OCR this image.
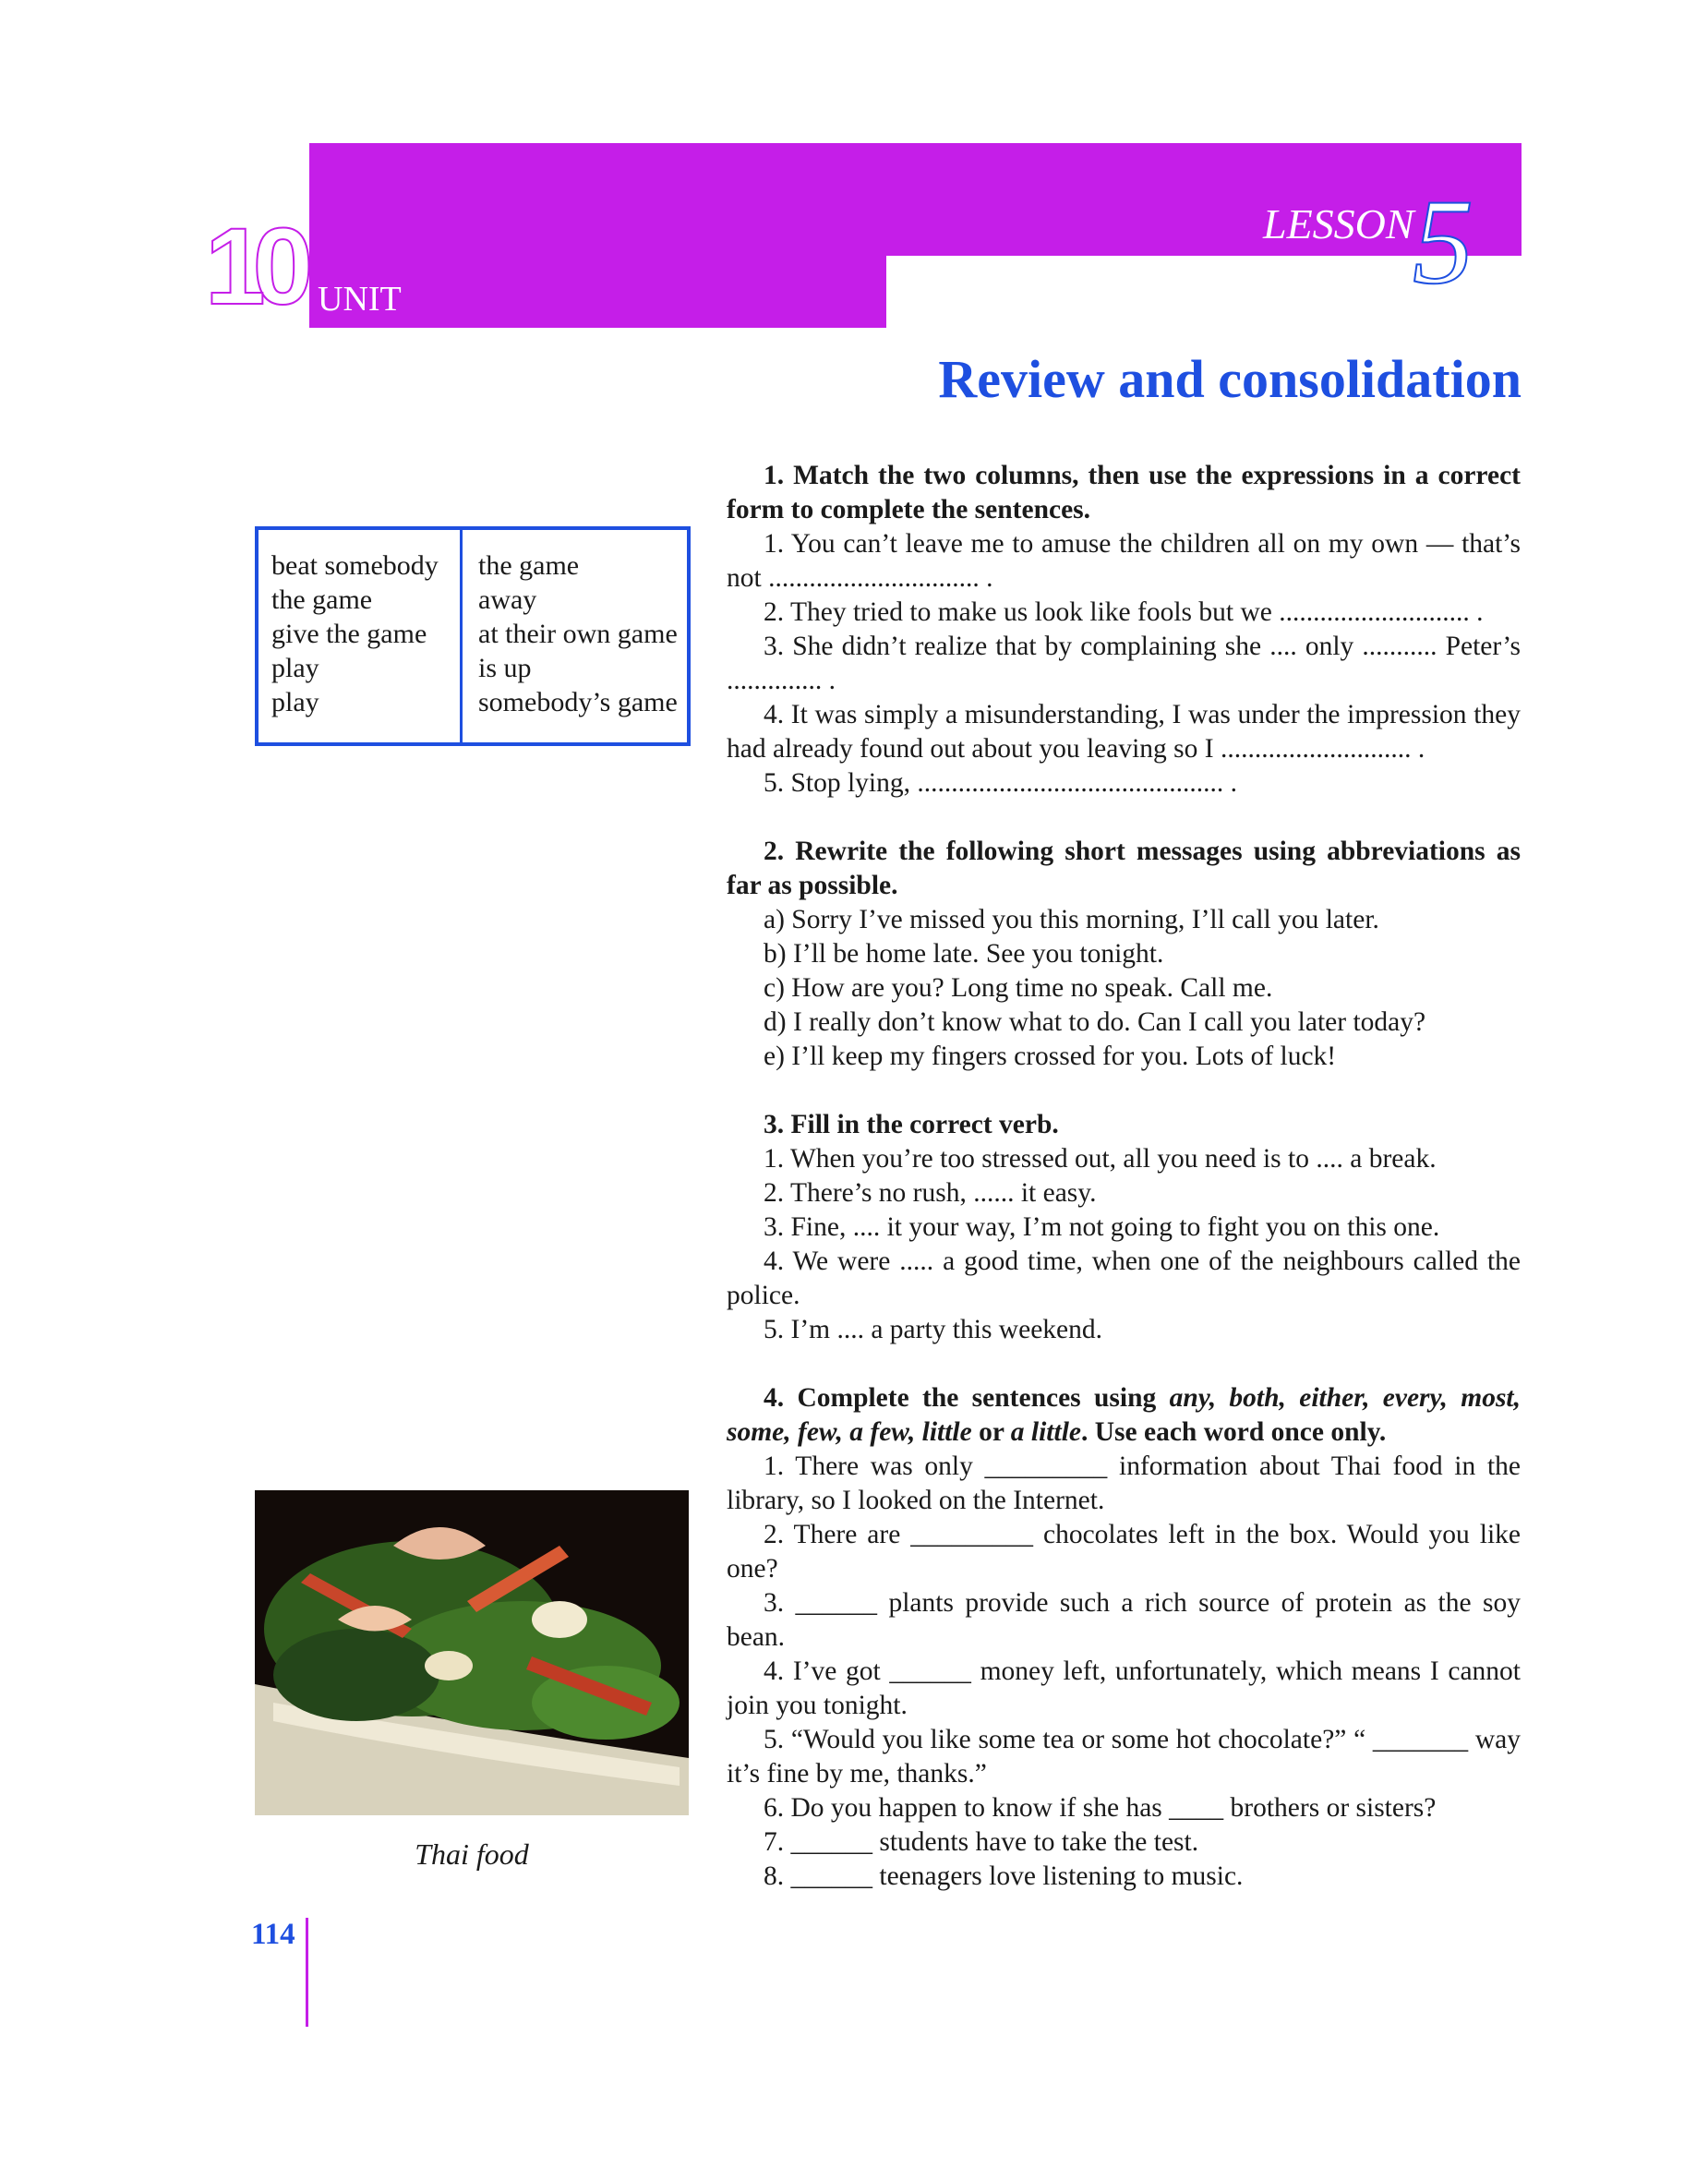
10 UNIT
LESSON
5
Review and consolidation
beat somebody
the game
give the game
play
play
the game
away
at their own game
is up
somebody’s game
Thai food
114

1. Match the two columns, then use the expressions in a correct form to complete the sentences.

1. You can’t leave me to amuse the children all on my own — that’s not ............................... .

2. They tried to make us look like fools but we ............................ .

3. She didn’t realize that by complaining she .... only ........... Peter’s .............. .

4. It was simply a misunderstanding, I was under the impression they had already found out about you leaving so I ............................ .

5. Stop lying, ............................................. .

2. Rewrite the following short messages using abbreviations as far as possible.

a) Sorry I’ve missed you this morning, I’ll call you later.

b) I’ll be home late. See you tonight.

c) How are you? Long time no speak. Call me.

d) I really don’t know what to do. Can I call you later today?

e) I’ll keep my fingers crossed for you. Lots of luck!

3. Fill in the correct verb.

1. When you’re too stressed out, all you need is to .... a break.

2. There’s no rush, ...... it easy.

3. Fine, .... it your way, I’m not going to fight you on this one.

4. We were ..... a good time, when one of the neighbours called the police.

5. I’m .... a party this weekend.

4. Complete the sentences using any, both, either, every, most, some, few, a few, little or a little. Use each word once only.

1. There was only _________ information about Thai food in the library, so I looked on the Internet.

2. There are _________ chocolates left in the box. Would you like one?

3. ______ plants provide such a rich source of protein as the soy bean.

4. I’ve got ______ money left, unfortunately, which means I cannot join you tonight.

5. “Would you like some tea or some hot chocolate?” “ _______ way it’s fine by me, thanks.”

6. Do you happen to know if she has ____ brothers or sisters?

7. ______ students have to take the test.

8. ______ teenagers love listening to music.
